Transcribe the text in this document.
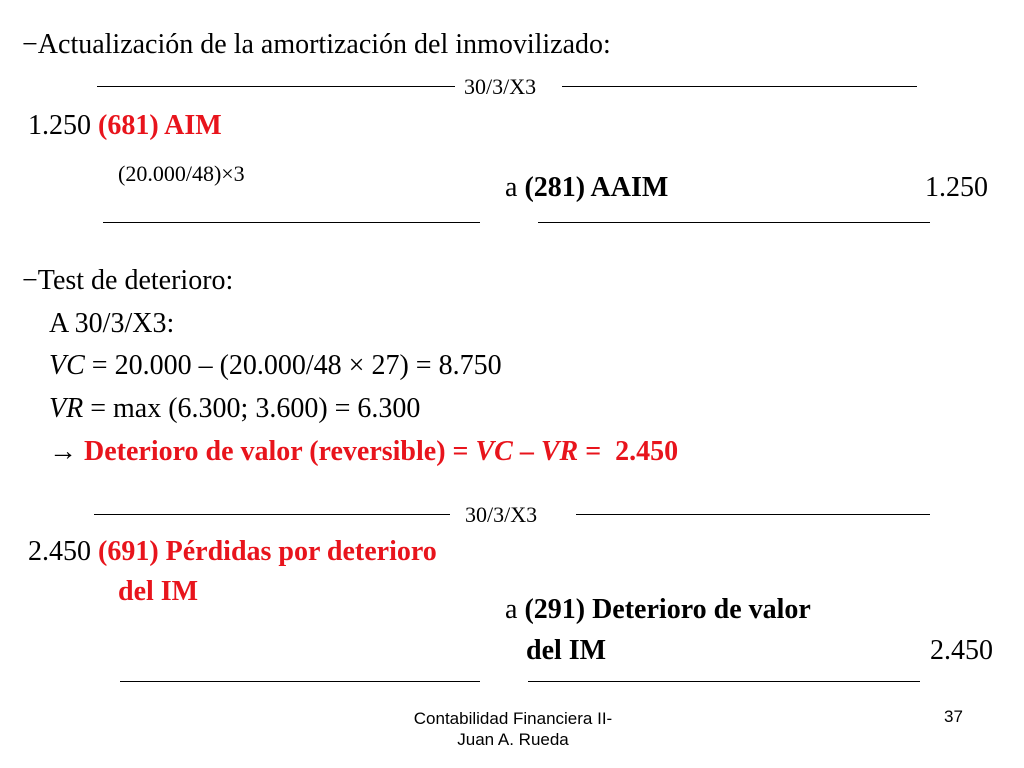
−Actualización de la amortización del inmovilizado:
30/3/X3
1.250 (681) AIM
(20.000/48)×3	a (281) AAIM	1.250
−Test de deterioro:
A 30/3/X3:
VC = 20.000 – (20.000/48 × 27) = 8.750
VR = max (6.300; 3.600) = 6.300
→ Deterioro de valor (reversible) = VC – VR =  2.450
30/3/X3
2.450 (691) Pérdidas por deterioro
del IM
a (291) Deterioro de valor
del IM	2.450
Contabilidad Financiera II-
Juan A. Rueda
37
